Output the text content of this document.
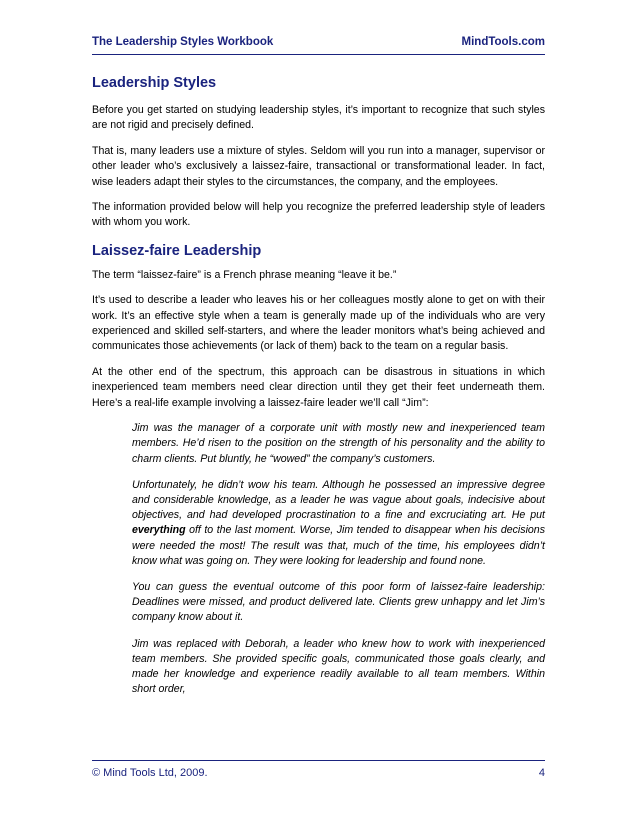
The Leadership Styles Workbook	MindTools.com
Leadership Styles

Before you get started on studying leadership styles, it’s important to recognize that such styles are not rigid and precisely defined.

That is, many leaders use a mixture of styles. Seldom will you run into a manager, supervisor or other leader who’s exclusively a laissez-faire, transactional or transformational leader. In fact, wise leaders adapt their styles to the circumstances, the company, and the employees.

The information provided below will help you recognize the preferred leadership style of leaders with whom you work.

Laissez-faire Leadership

The term “laissez-faire” is a French phrase meaning “leave it be.”

It’s used to describe a leader who leaves his or her colleagues mostly alone to get on with their work. It’s an effective style when a team is generally made up of the individuals who are very experienced and skilled self-starters, and where the leader monitors what’s being achieved and communicates those achievements (or lack of them) back to the team on a regular basis.

At the other end of the spectrum, this approach can be disastrous in situations in which inexperienced team members need clear direction until they get their feet underneath them. Here’s a real-life example involving a laissez-faire leader we’ll call “Jim”:

Jim was the manager of a corporate unit with mostly new and inexperienced team members. He’d risen to the position on the strength of his personality and the ability to charm clients. Put bluntly, he “wowed” the company’s customers.

Unfortunately, he didn’t wow his team. Although he possessed an impressive degree and considerable knowledge, as a leader he was vague about goals, indecisive about objectives, and had developed procrastination to a fine and excruciating art. He put everything off to the last moment. Worse, Jim tended to disappear when his decisions were needed the most! The result was that, much of the time, his employees didn’t know what was going on. They were looking for leadership and found none.

You can guess the eventual outcome of this poor form of laissez-faire leadership: Deadlines were missed, and product delivered late. Clients grew unhappy and let Jim’s company know about it.

Jim was replaced with Deborah, a leader who knew how to work with inexperienced team members. She provided specific goals, communicated those goals clearly, and made her knowledge and experience readily available to all team members. Within short order,

© Mind Tools Ltd, 2009.	4
